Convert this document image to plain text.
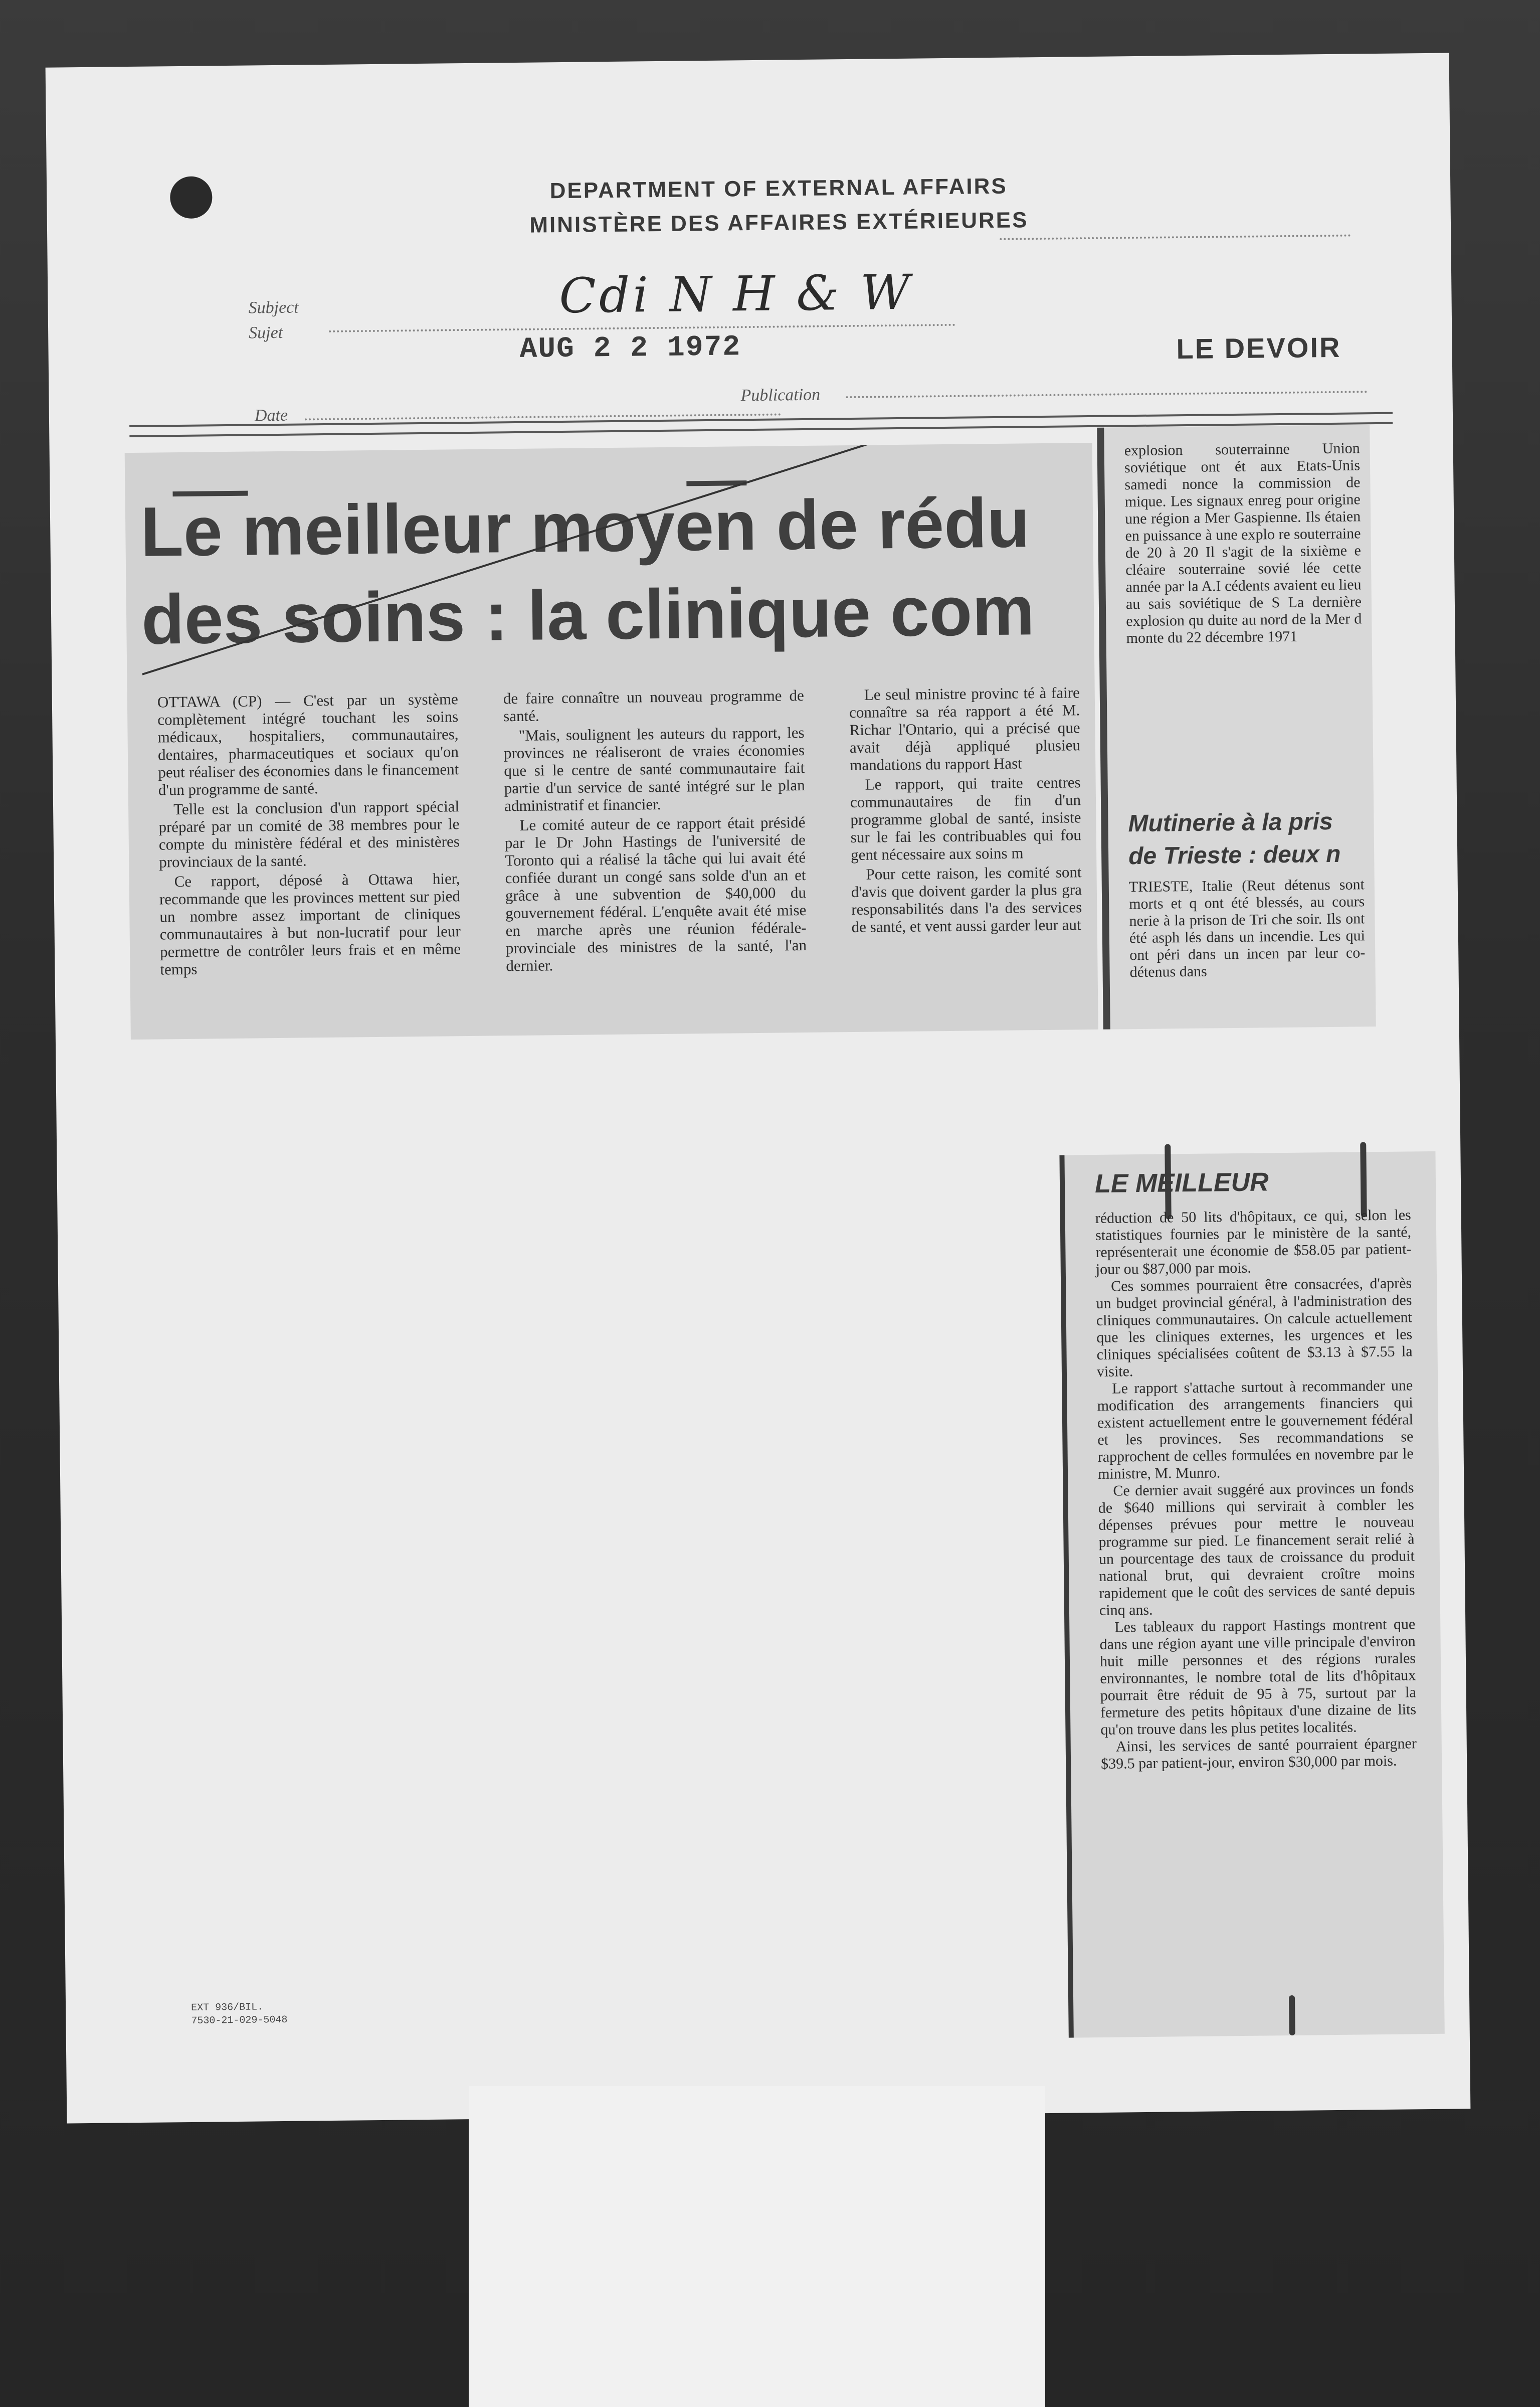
DEPARTMENT OF EXTERNAL AFFAIRS
MINISTÈRE DES AFFAIRES EXTÉRIEURES
Subject
Sujet
Cdi N H & W
AUG 2 2 1972	LE DEVOIR
Date
Publication
Le meilleur moyen de rédu
des soins : la clinique com

OTTAWA (CP) — C'est par un système complètement intégré touchant les soins médicaux, hospitaliers, communautaires, dentaires, pharmaceutiques et sociaux qu'on peut réaliser des économies dans le financement d'un programme de santé.

Telle est la conclusion d'un rapport spécial préparé par un comité de 38 membres pour le compte du ministère fédéral et des ministères provinciaux de la santé.

Ce rapport, déposé à Ottawa hier, recommande que les provinces mettent sur pied un nombre assez important de cliniques communautaires à but non-lucratif pour leur permettre de contrôler leurs frais et en même temps

de faire connaître un nouveau programme de santé.

"Mais, soulignent les auteurs du rapport, les provinces ne réaliseront de vraies économies que si le centre de santé communautaire fait partie d'un service de santé intégré sur le plan administratif et financier.

Le comité auteur de ce rapport était présidé par le Dr John Hastings de l'université de Toronto qui a réalisé la tâche qui lui avait été confiée durant un congé sans solde d'un an et grâce à une subvention de $40,000 du gouvernement fédéral. L'enquête avait été mise en marche après une réunion fédérale-provinciale des ministres de la santé, l'an dernier.

Le seul ministre provinc té à faire connaître sa réa rapport a été M. Richar l'Ontario, qui a précisé que avait déjà appliqué plusieu mandations du rapport Hast

Le rapport, qui traite centres communautaires de fin d'un programme global de santé, insiste sur le fai les contribuables qui fou gent nécessaire aux soins m

Pour cette raison, les comité sont d'avis que doivent garder la plus gra responsabilités dans l'a des services de santé, et vent aussi garder leur aut

explosion souterrainne Union soviétique ont ét aux Etats-Unis samedi nonce la commission de mique. Les signaux enreg pour origine une région a Mer Gaspienne. Ils étaien en puissance à une explo re souterraine de 20 à 20 Il s'agit de la sixième e cléaire souterraine sovié lée cette année par la A.I cédents avaient eu lieu au sais soviétique de S La dernière explosion qu duite au nord de la Mer d monte du 22 décembre 1971

Mutinerie à la pris
de Trieste : deux n

TRIESTE, Italie (Reut détenus sont morts et q ont été blessés, au cours nerie à la prison de Tri che soir. Ils ont été asph lés dans un incendie. Les qui ont péri dans un incen par leur co-détenus dans

LE MEILLEUR

réduction de 50 lits d'hôpitaux, ce qui, selon les statistiques fournies par le ministère de la santé, représenterait une économie de $58.05 par patient-jour ou $87,000 par mois.

Ces sommes pourraient être consacrées, d'après un budget provincial général, à l'administration des cliniques communautaires. On calcule actuellement que les cliniques externes, les urgences et les cliniques spécialisées coûtent de $3.13 à $7.55 la visite.

Le rapport s'attache surtout à recommander une modification des arrangements financiers qui existent actuellement entre le gouvernement fédéral et les provinces. Ses recommandations se rapprochent de celles formulées en novembre par le ministre, M. Munro.

Ce dernier avait suggéré aux provinces un fonds de $640 millions qui servirait à combler les dépenses prévues pour mettre le nouveau programme sur pied. Le financement serait relié à un pourcentage des taux de croissance du produit national brut, qui devraient croître moins rapidement que le coût des services de santé depuis cinq ans.

Les tableaux du rapport Hastings montrent que dans une région ayant une ville principale d'environ huit mille personnes et des régions rurales environnantes, le nombre total de lits d'hôpitaux pourrait être réduit de 95 à 75, surtout par la fermeture des petits hôpitaux d'une dizaine de lits qu'on trouve dans les plus petites localités.

Ainsi, les services de santé pourraient épargner $39.5 par patient-jour, environ $30,000 par mois.

EXT 936/BIL.
7530-21-029-5048
